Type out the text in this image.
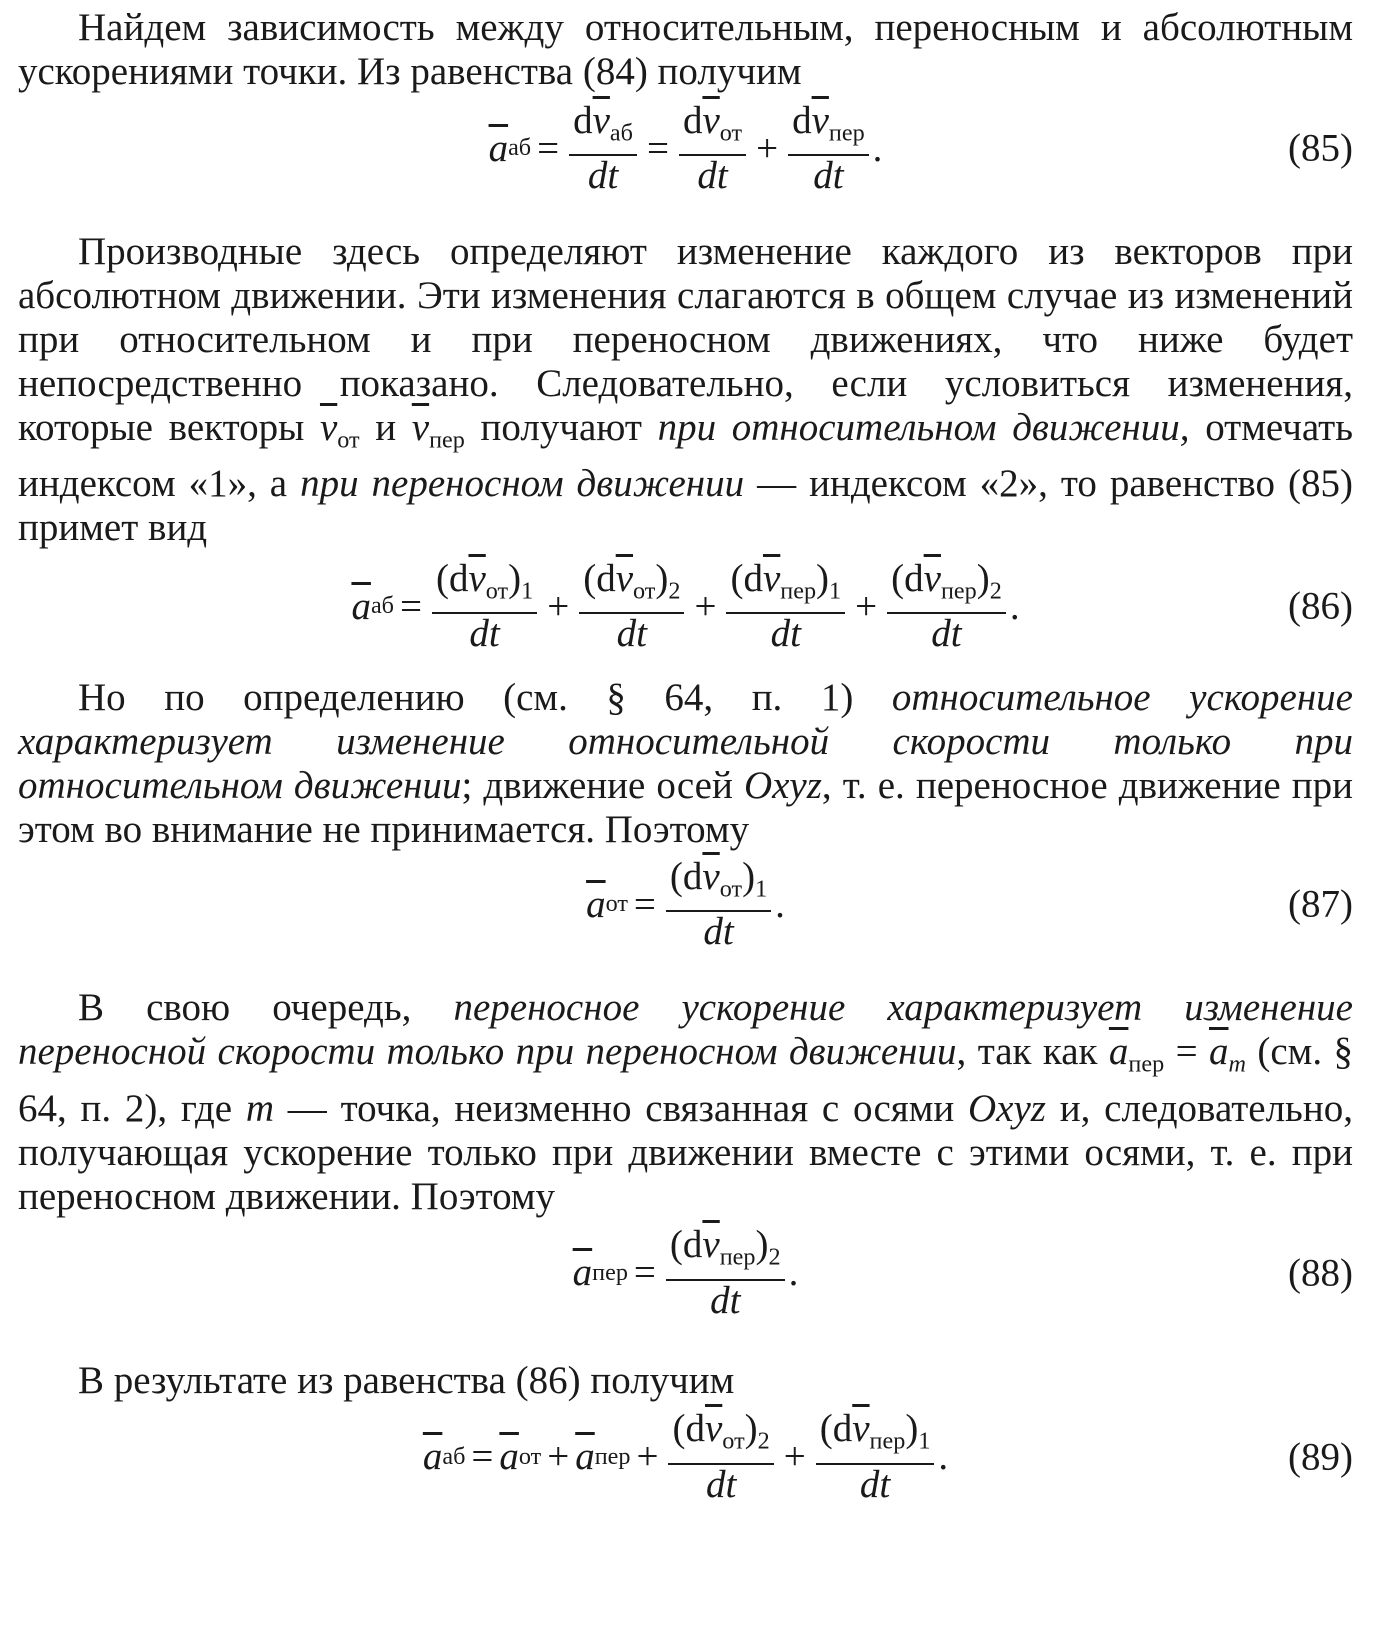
Найдем зависимость между относительным, переносным и абсолютным ускорениями точки. Из равенства (84) получим

$\overline{a}$ аб = $\frac{d\overline{v}_{аб}}{dt} = \frac{d\overline{v}_{от}}{dt} + \frac{d\overline{v}_{пер}}{dt}$ .	(85)

Производные здесь определяют изменение каждого из векторов при абсолютном движении. Эти изменения слагаются в общем случае из изменений при относительном и при переносном движениях, что ниже будет непосредственно показано. Следовательно, если условиться изменения, которые векторы $\overline{v}_{от}$ и $\overline{v}_{пер}$ получают при относительном движении, отмечать индексом «1», а при переносном движении — индексом «2», то равенство (85) примет вид

$\overline{a}$ аб = $\frac{(d\overline{v}_{от})_1}{dt} + \frac{(d\overline{v}_{от})_2}{dt} + \frac{(d\overline{v}_{пер})_1}{dt} + \frac{(d\overline{v}_{пер})_2}{dt}$ .	(86)

Но по определению (см. § 64, п. 1) относительное ускорение характеризует изменение относительной скорости только при относительном движении; движение осей Oxyz, т. е. переносное движение при этом во внимание не принимается. Поэтому

$\overline{a}$ от = $\frac{(d\overline{v}_{от})_1}{dt}$ .	(87)

В свою очередь, переносное ускорение характеризует изменение переносной скорости только при переносном движении, так как $\overline{a}_{пер} = \overline{a}_m$ (см. § 64, п. 2), где m — точка, неизменно связанная с осями Oxyz и, следовательно, получающая ускорение только при движении вместе с этими осями, т. е. при переносном движении. Поэтому

$\overline{a}$ пер = $\frac{(d\overline{v}_{пер})_2}{dt}$ .	(88)

В результате из равенства (86) получим

$\overline{a}$ аб = $\overline{a}$ от + $\overline{a}$ пер + $\frac{(d\overline{v}_{от})_2}{dt} + \frac{(d\overline{v}_{пер})_1}{dt}$ .	(89)
